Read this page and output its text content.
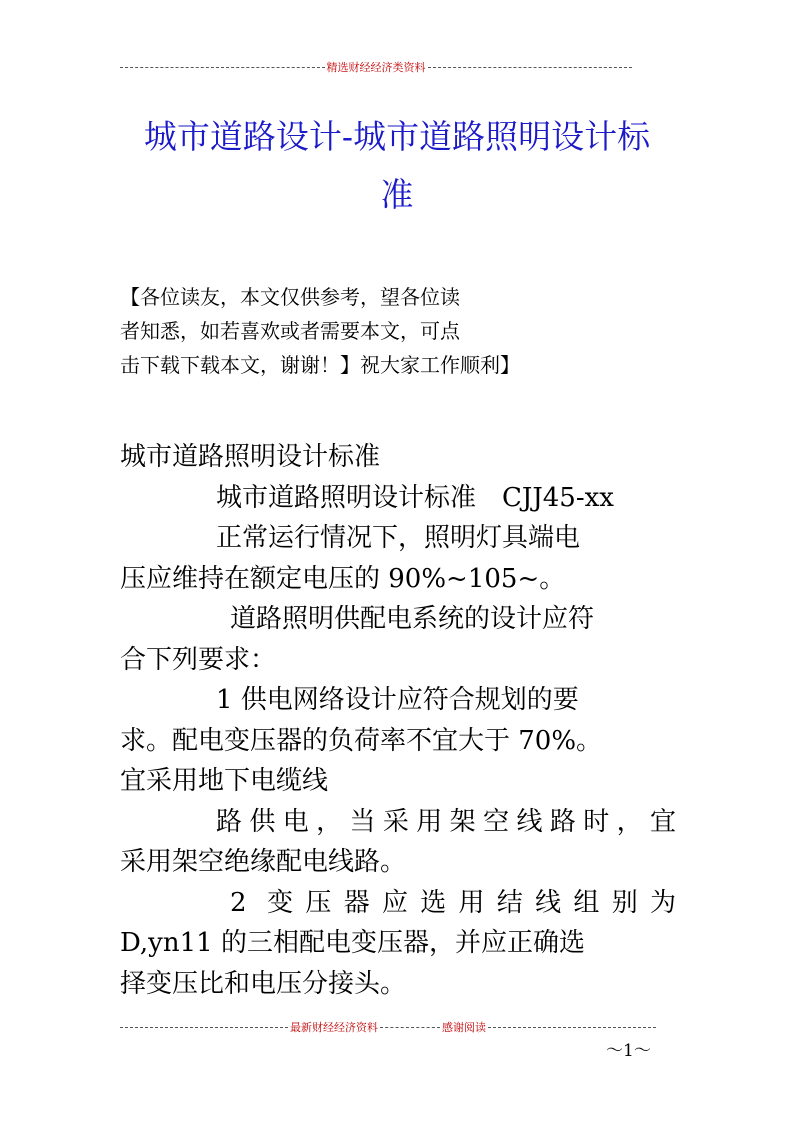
精选财经经济类资料
城市道路设计-城市道路照明设计标
准

【各位读友，本文仅供参考，望各位读
者知悉，如若喜欢或者需要本文，可点
击下载下载本文，谢谢！】祝大家工作顺利】

城市道路照明设计标准
城市道路照明设计标准　CJJ45-xx
正常运行情况下，照明灯具端电
压应维持在额定电压的 90%~105~。
道路照明供配电系统的设计应符
合下列要求：
1 供电网络设计应符合规划的要
求。配电变压器的负荷率不宜大于 70%。
宜采用地下电缆线
路供电，当采用架空线路时，宜
采用架空绝缘配电线路。
2 变压器应选用结线组别为
D,yn11 的三相配电变压器，并应正确选
择变压比和电压分接头。
最新财经经济资料	感谢阅读
～1～
